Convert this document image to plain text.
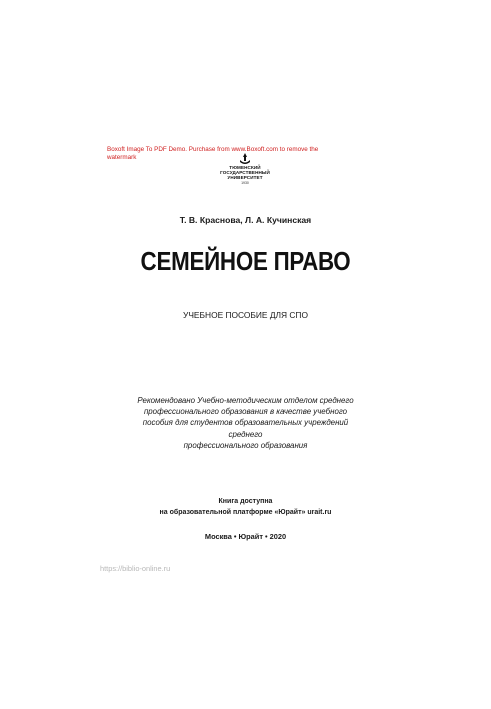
Boxoft Image To PDF Demo. Purchase from www.Boxoft.com to remove the
watermark
ТЮМЕНСКИЙ ГОСУДАРСТВЕННЫЙ
УНИВЕРСИТЕТ
1930
Т. В. Краснова, Л. А. Кучинская
СЕМЕЙНОЕ ПРАВО
УЧЕБНОЕ ПОСОБИЕ ДЛЯ СПО
Рекомендовано Учебно-методическим отделом среднего
профессионального образования в качестве учебного
пособия для студентов образовательных учреждений среднего
профессионального образования
Книга доступна
на образовательной платформе «Юрайт» urait.ru
Москва • Юрайт • 2020
https://biblio-online.ru
